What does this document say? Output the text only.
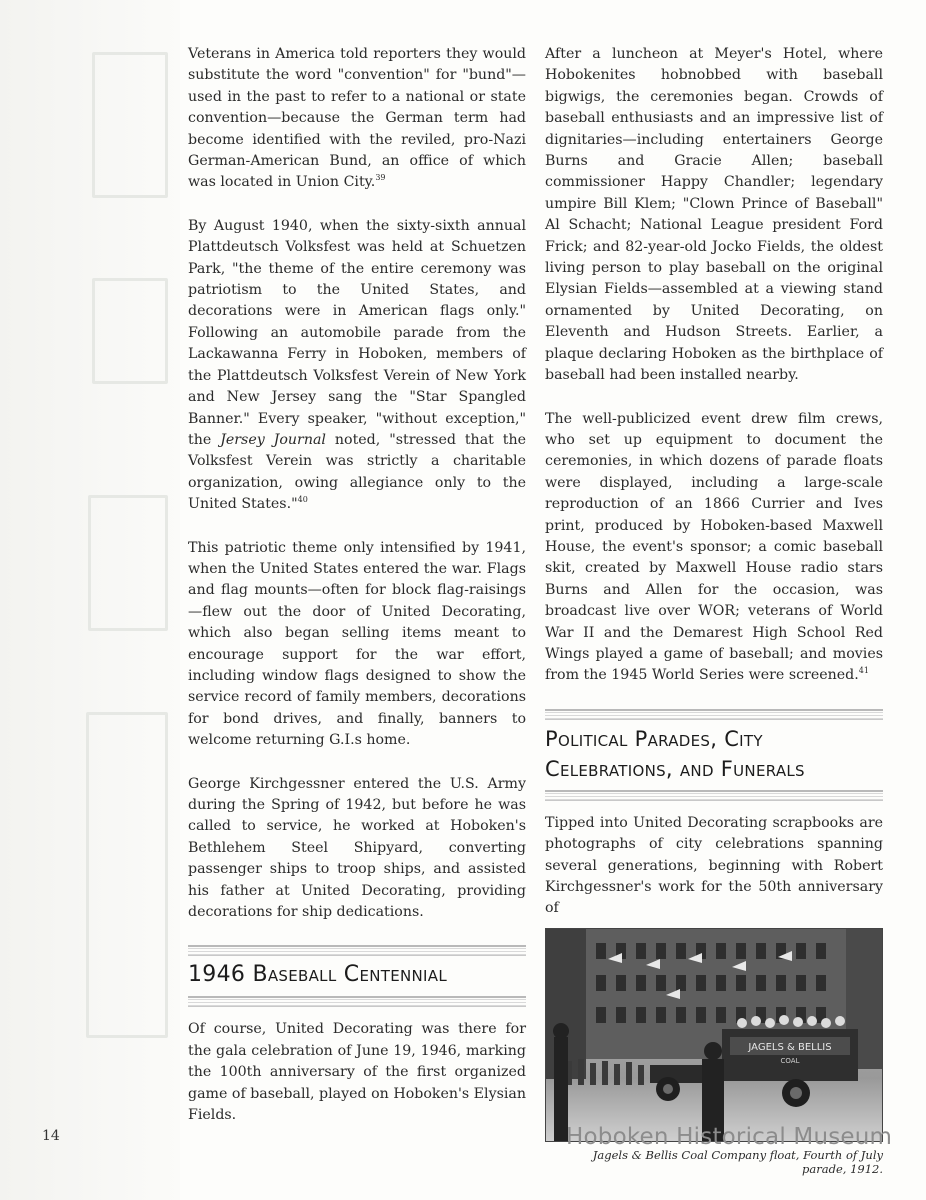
Veterans in America told reporters they would substitute the word "convention" for "bund"— used in the past to refer to a national or state convention—because the German term had become identified with the reviled, pro-Nazi German-American Bund, an office of which was located in Union City.$^{39}$

By August 1940, when the sixty-sixth annual Plattdeutsch Volksfest was held at Schuetzen Park, "the theme of the entire ceremony was patriotism to the United States, and decorations were in American flags only." Following an automobile parade from the Lackawanna Ferry in Hoboken, members of the Plattdeutsch Volksfest Verein of New York and New Jersey sang the "Star Spangled Banner." Every speaker, "without exception," the Jersey Journal noted, "stressed that the Volksfest Verein was strictly a charitable organization, owing allegiance only to the United States."$^{40}$

This patriotic theme only intensified by 1941, when the United States entered the war. Flags and flag mounts—often for block flag-raisings—flew out the door of United Decorating, which also began selling items meant to encourage support for the war effort, including window flags designed to show the service record of family members, decorations for bond drives, and finally, banners to welcome returning G.I.s home.

George Kirchgessner entered the U.S. Army during the Spring of 1942, but before he was called to service, he worked at Hoboken's Bethlehem Steel Shipyard, converting passenger ships to troop ships, and assisted his father at United Decorating, providing decorations for ship dedications.

1946 Baseball Centennial

Of course, United Decorating was there for the gala celebration of June 19, 1946, marking the 100th anniversary of the first organized game of baseball, played on Hoboken's Elysian Fields.

After a luncheon at Meyer's Hotel, where Hobokenites hobnobbed with baseball bigwigs, the ceremonies began. Crowds of baseball enthusiasts and an impressive list of dignitaries—including entertainers George Burns and Gracie Allen; baseball commissioner Happy Chandler; legendary umpire Bill Klem; "Clown Prince of Baseball" Al Schacht; National League president Ford Frick; and 82-year-old Jocko Fields, the oldest living person to play baseball on the original Elysian Fields—assembled at a viewing stand ornamented by United Decorating, on Eleventh and Hudson Streets. Earlier, a plaque declaring Hoboken as the birthplace of baseball had been installed nearby.

The well-publicized event drew film crews, who set up equipment to document the ceremonies, in which dozens of parade floats were displayed, including a large-scale reproduction of an 1866 Currier and Ives print, produced by Hoboken-based Maxwell House, the event's sponsor; a comic baseball skit, created by Maxwell House radio stars Burns and Allen for the occasion, was broadcast live over WOR; veterans of World War II and the Demarest High School Red Wings played a game of baseball; and movies from the 1945 World Series were screened.$^{41}$

Political Parades, City Celebrations, and Funerals

Tipped into United Decorating scrapbooks are photographs of city celebrations spanning several generations, beginning with Robert Kirchgessner's work for the 50th anniversary of

JAGELS & BELLIS
COAL
Jagels & Bellis Coal Company float, Fourth of July parade, 1912.
14	Hoboken Historical Museum
